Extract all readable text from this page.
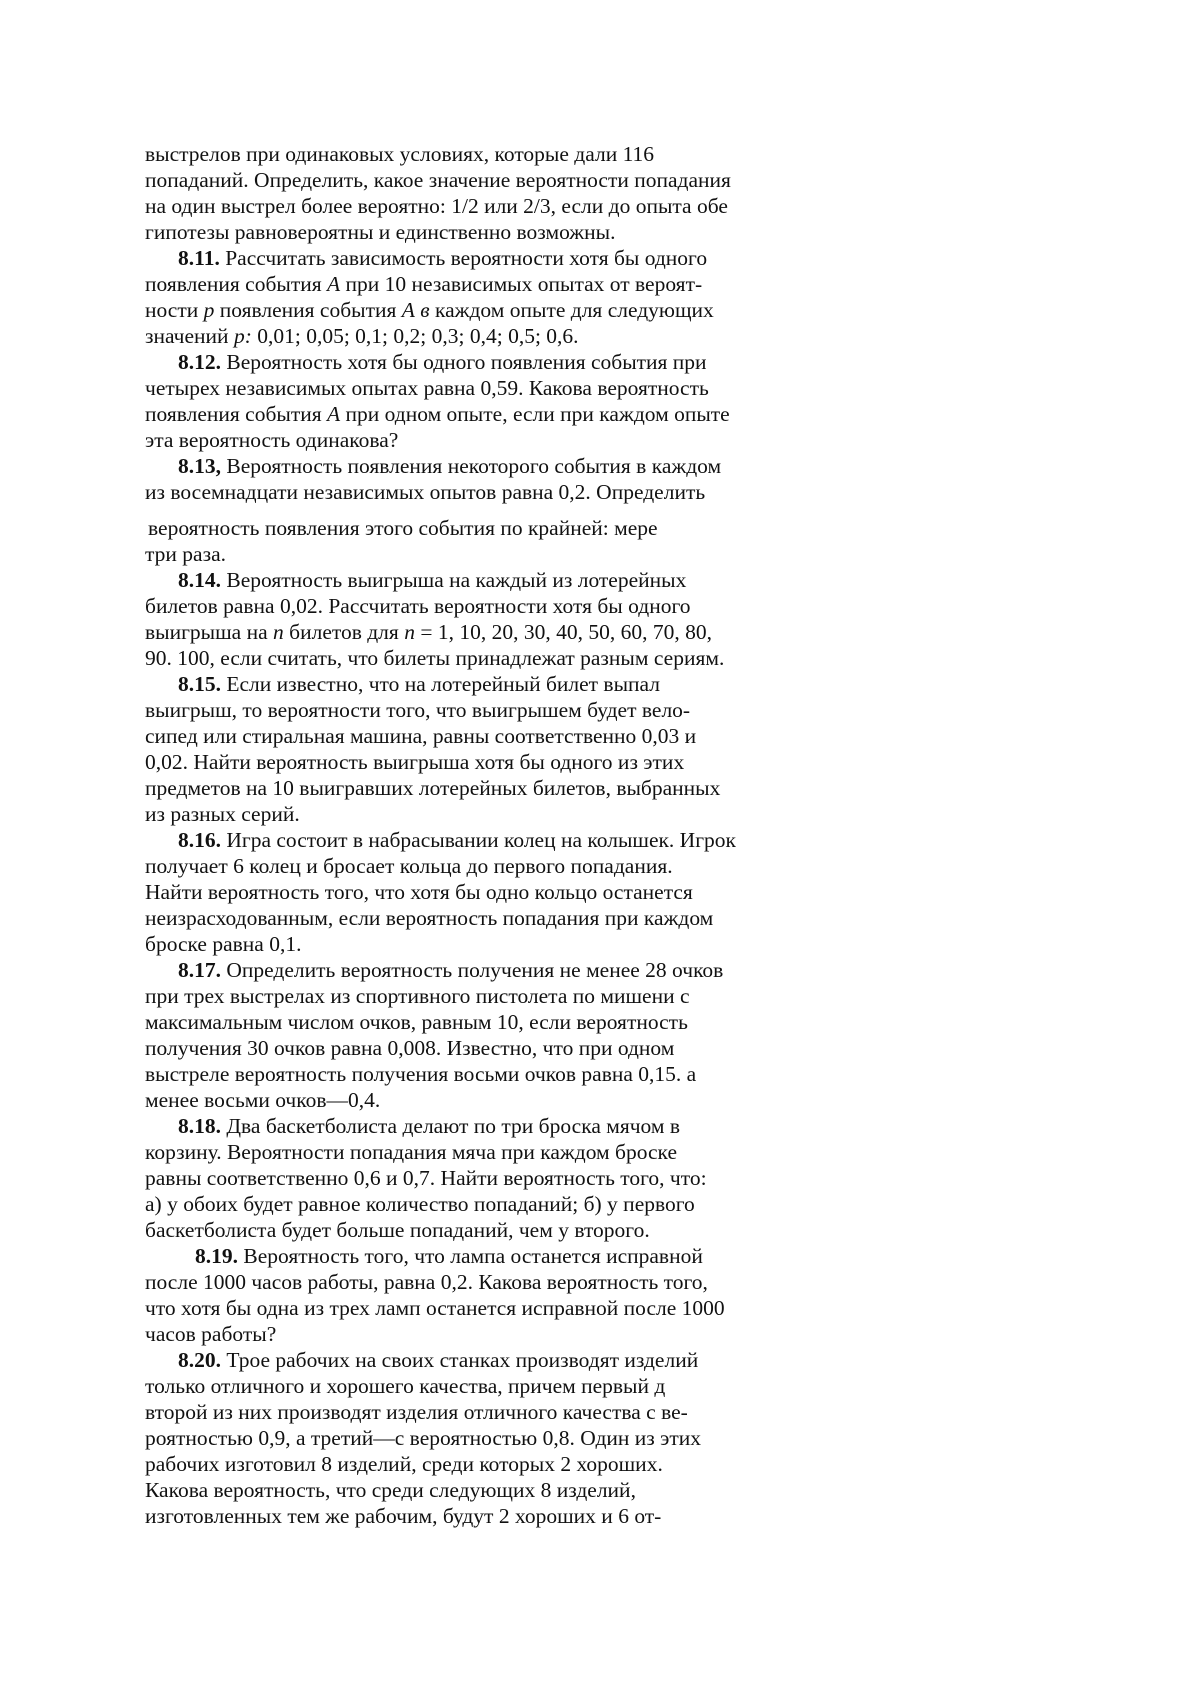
выстрелов при одинаковых условиях, которые дали 116
попаданий. Определить, какое значение вероятности попадания
на один выстрел более вероятно: 1/2 или 2/3, если до опыта обе
гипотезы равновероятны и единственно возможны.
8.11. Рассчитать зависимость вероятности хотя бы одного
появления события А при 10 независимых опытах от вероят-
ности р появления события А в каждом опыте для следующих
значений р: 0,01; 0,05; 0,1; 0,2; 0,3; 0,4; 0,5; 0,6.
8.12. Вероятность хотя бы одного появления события при
четырех независимых опытах равна 0,59. Какова вероятность
появления события А при одном опыте, если при каждом опыте
эта вероятность одинакова?
8.13, Вероятность появления некоторого события в каждом
из восемнадцати независимых опытов равна 0,2. Определить
вероятность появления этого события по крайней: мере
три раза.
8.14. Вероятность выигрыша на каждый из лотерейных
билетов равна 0,02. Рассчитать вероятности хотя бы одного
выигрыша на п билетов для п = 1, 10, 20, 30, 40, 50, 60, 70, 80,
90. 100, если считать, что билеты принадлежат разным сериям.
8.15. Если известно, что на лотерейный билет выпал
выигрыш, то вероятности того, что выигрышем будет вело-
сипед или стиральная машина, равны соответственно 0,03 и
0,02. Найти вероятность выигрыша хотя бы одного из этих
предметов на 10 выигравших лотерейных билетов, выбранных
из разных серий.
8.16. Игра состоит в набрасывании колец на колышек. Игрок
получает 6 колец и бросает кольца до первого попадания.
Найти вероятность того, что хотя бы одно кольцо останется
неизрасходованным, если вероятность попадания при каждом
броске равна 0,1.
8.17. Определить вероятность получения не менее 28 очков
при трех выстрелах из спортивного пистолета по мишени с
максимальным числом очков, равным 10, если вероятность
получения 30 очков равна 0,008. Известно, что при одном
выстреле вероятность получения восьми очков равна 0,15. а
менее восьми очков—0,4.
8.18. Два баскетболиста делают по три броска мячом в
корзину. Вероятности попадания мяча при каждом броске
равны соответственно 0,6 и 0,7. Найти вероятность того, что:
а) у обоих будет равное количество попаданий; б) у первого
баскетболиста будет больше попаданий, чем у второго.
8.19. Вероятность того, что лампа останется исправной
после 1000 часов работы, равна 0,2. Какова вероятность того,
что хотя бы одна из трех ламп останется исправной после 1000
часов работы?
8.20. Трое рабочих на своих станках производят изделий
только отличного и хорошего качества, причем первый д
второй из них производят изделия отличного качества с ве-
роятностью 0,9, а третий—с вероятностью 0,8. Один из этих
рабочих изготовил 8 изделий, среди которых 2 хороших.
Какова вероятность, что среди следующих 8 изделий,
изготовленных тем же рабочим, будут 2 хороших и 6 от-
